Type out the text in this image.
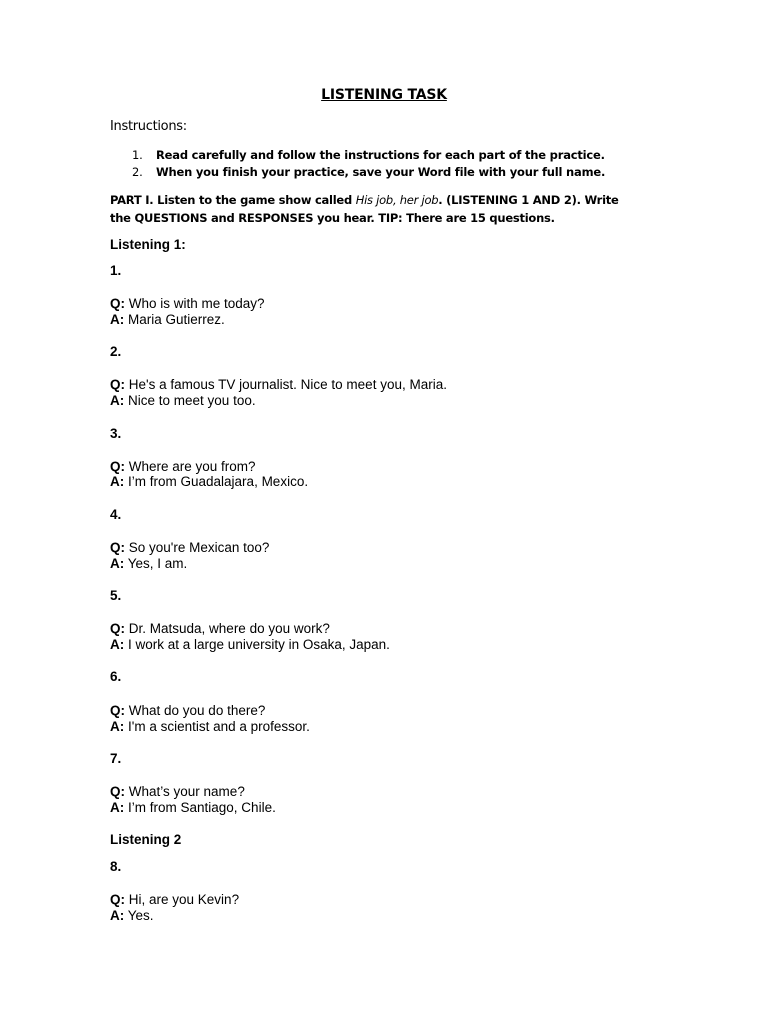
LISTENING TASK
Instructions:
1. Read carefully and follow the instructions for each part of the practice.
2. When you finish your practice, save your Word file with your full name.
PART I. Listen to the game show called His job, her job. (LISTENING 1 AND 2). Write the QUESTIONS and RESPONSES you hear. TIP: There are 15 questions.
Listening 1:
1.
Q: Who is with me today?
A: Maria Gutierrez.
2.
Q: He's a famous TV journalist. Nice to meet you, Maria.
A: Nice to meet you too.
3.
Q: Where are you from?
A: I’m from Guadalajara, Mexico.
4.
Q: So you're Mexican too?
A: Yes, I am.
5.
Q: Dr. Matsuda, where do you work?
A: I work at a large university in Osaka, Japan.
6.
Q: What do you do there?
A: I'm a scientist and a professor.
7.
Q: What’s your name?
A: I’m from Santiago, Chile.
Listening 2
8.
Q: Hi, are you Kevin?
A: Yes.
